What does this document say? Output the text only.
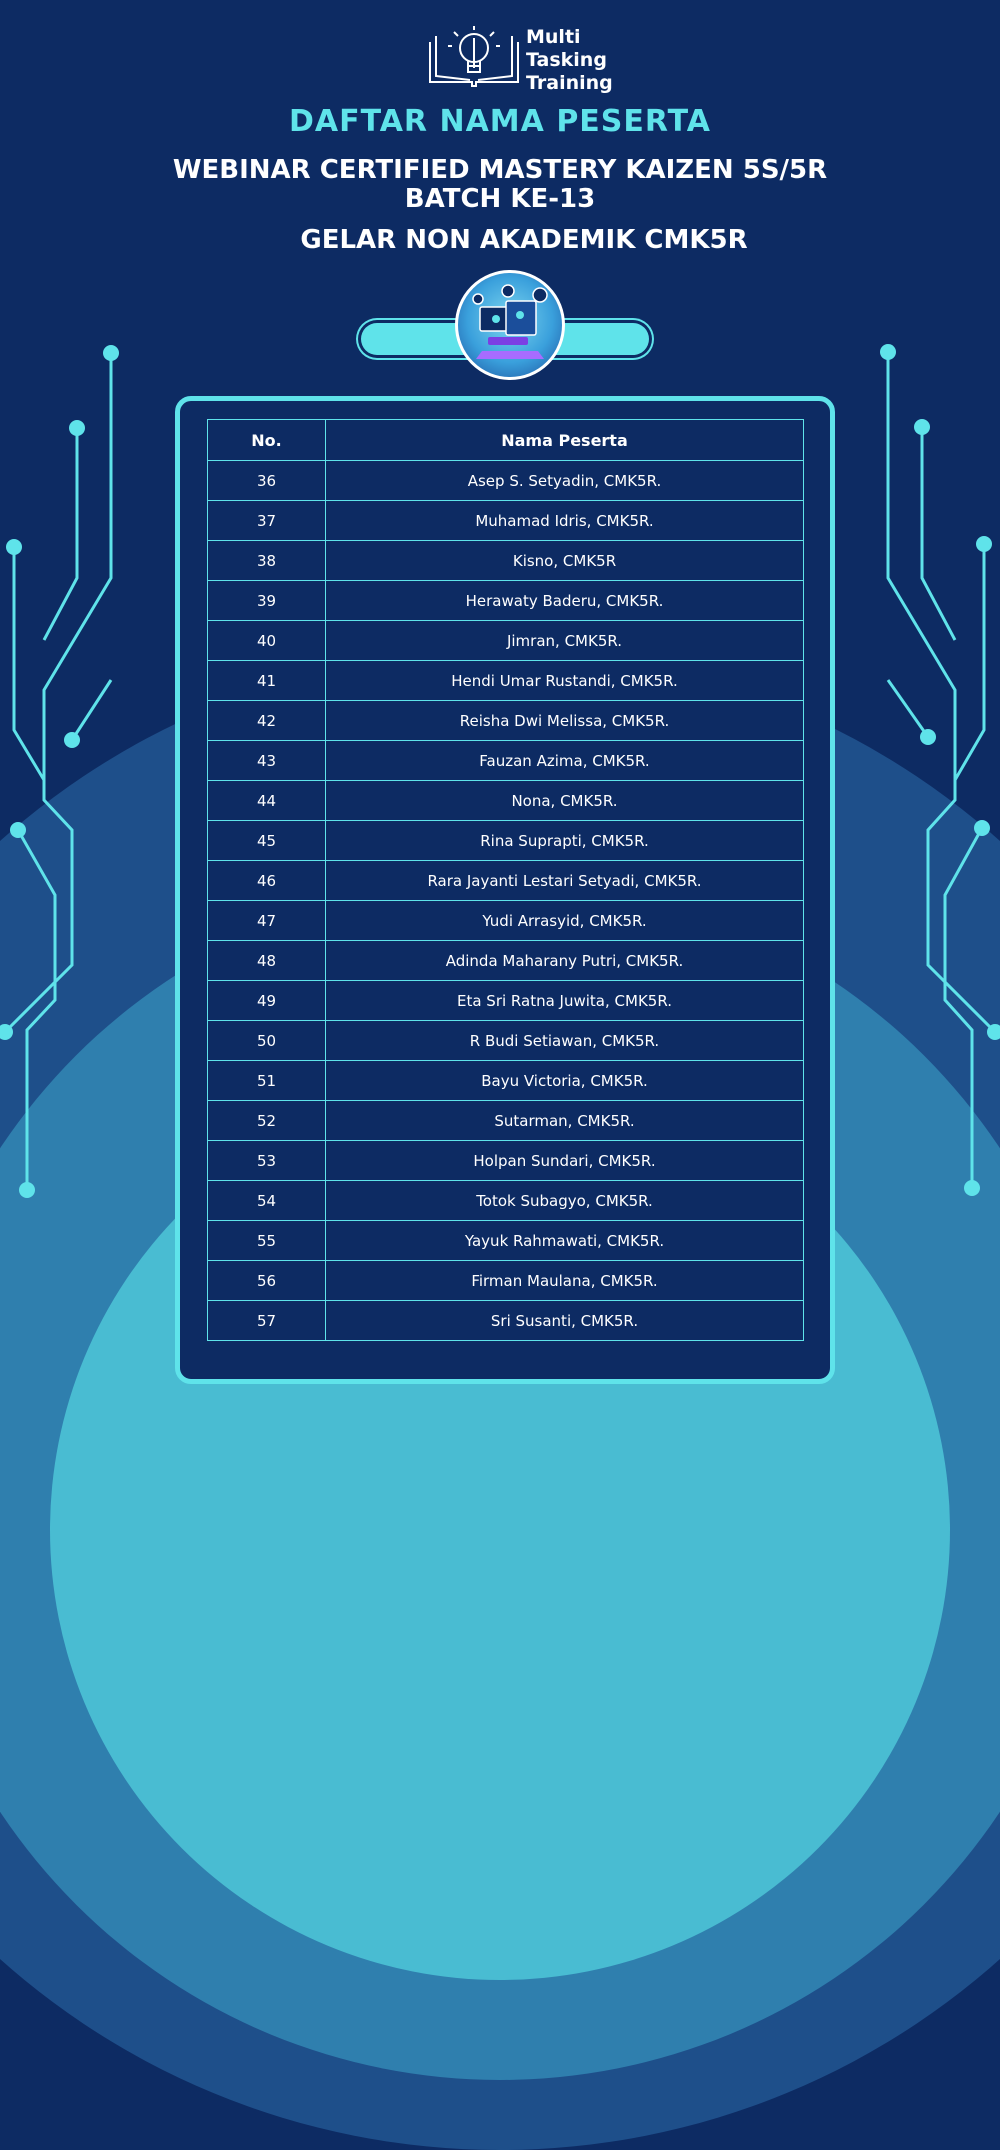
Multi
Tasking
Training
DAFTAR NAMA PESERTA
WEBINAR CERTIFIED MASTERY KAIZEN 5S/5R
BATCH KE-13
GELAR NON AKADEMIK CMK5R
No.	Nama Peserta
36	Asep S. Setyadin, CMK5R.
37	Muhamad Idris, CMK5R.
38	Kisno, CMK5R
39	Herawaty Baderu, CMK5R.
40	Jimran, CMK5R.
41	Hendi Umar Rustandi, CMK5R.
42	Reisha Dwi Melissa, CMK5R.
43	Fauzan Azima, CMK5R.
44	Nona, CMK5R.
45	Rina Suprapti, CMK5R.
46	Rara Jayanti Lestari Setyadi, CMK5R.
47	Yudi Arrasyid, CMK5R.
48	Adinda Maharany Putri, CMK5R.
49	Eta Sri Ratna Juwita, CMK5R.
50	R Budi Setiawan, CMK5R.
51	Bayu Victoria, CMK5R.
52	Sutarman, CMK5R.
53	Holpan Sundari, CMK5R.
54	Totok Subagyo, CMK5R.
55	Yayuk Rahmawati, CMK5R.
56	Firman Maulana, CMK5R.
57	Sri Susanti, CMK5R.
